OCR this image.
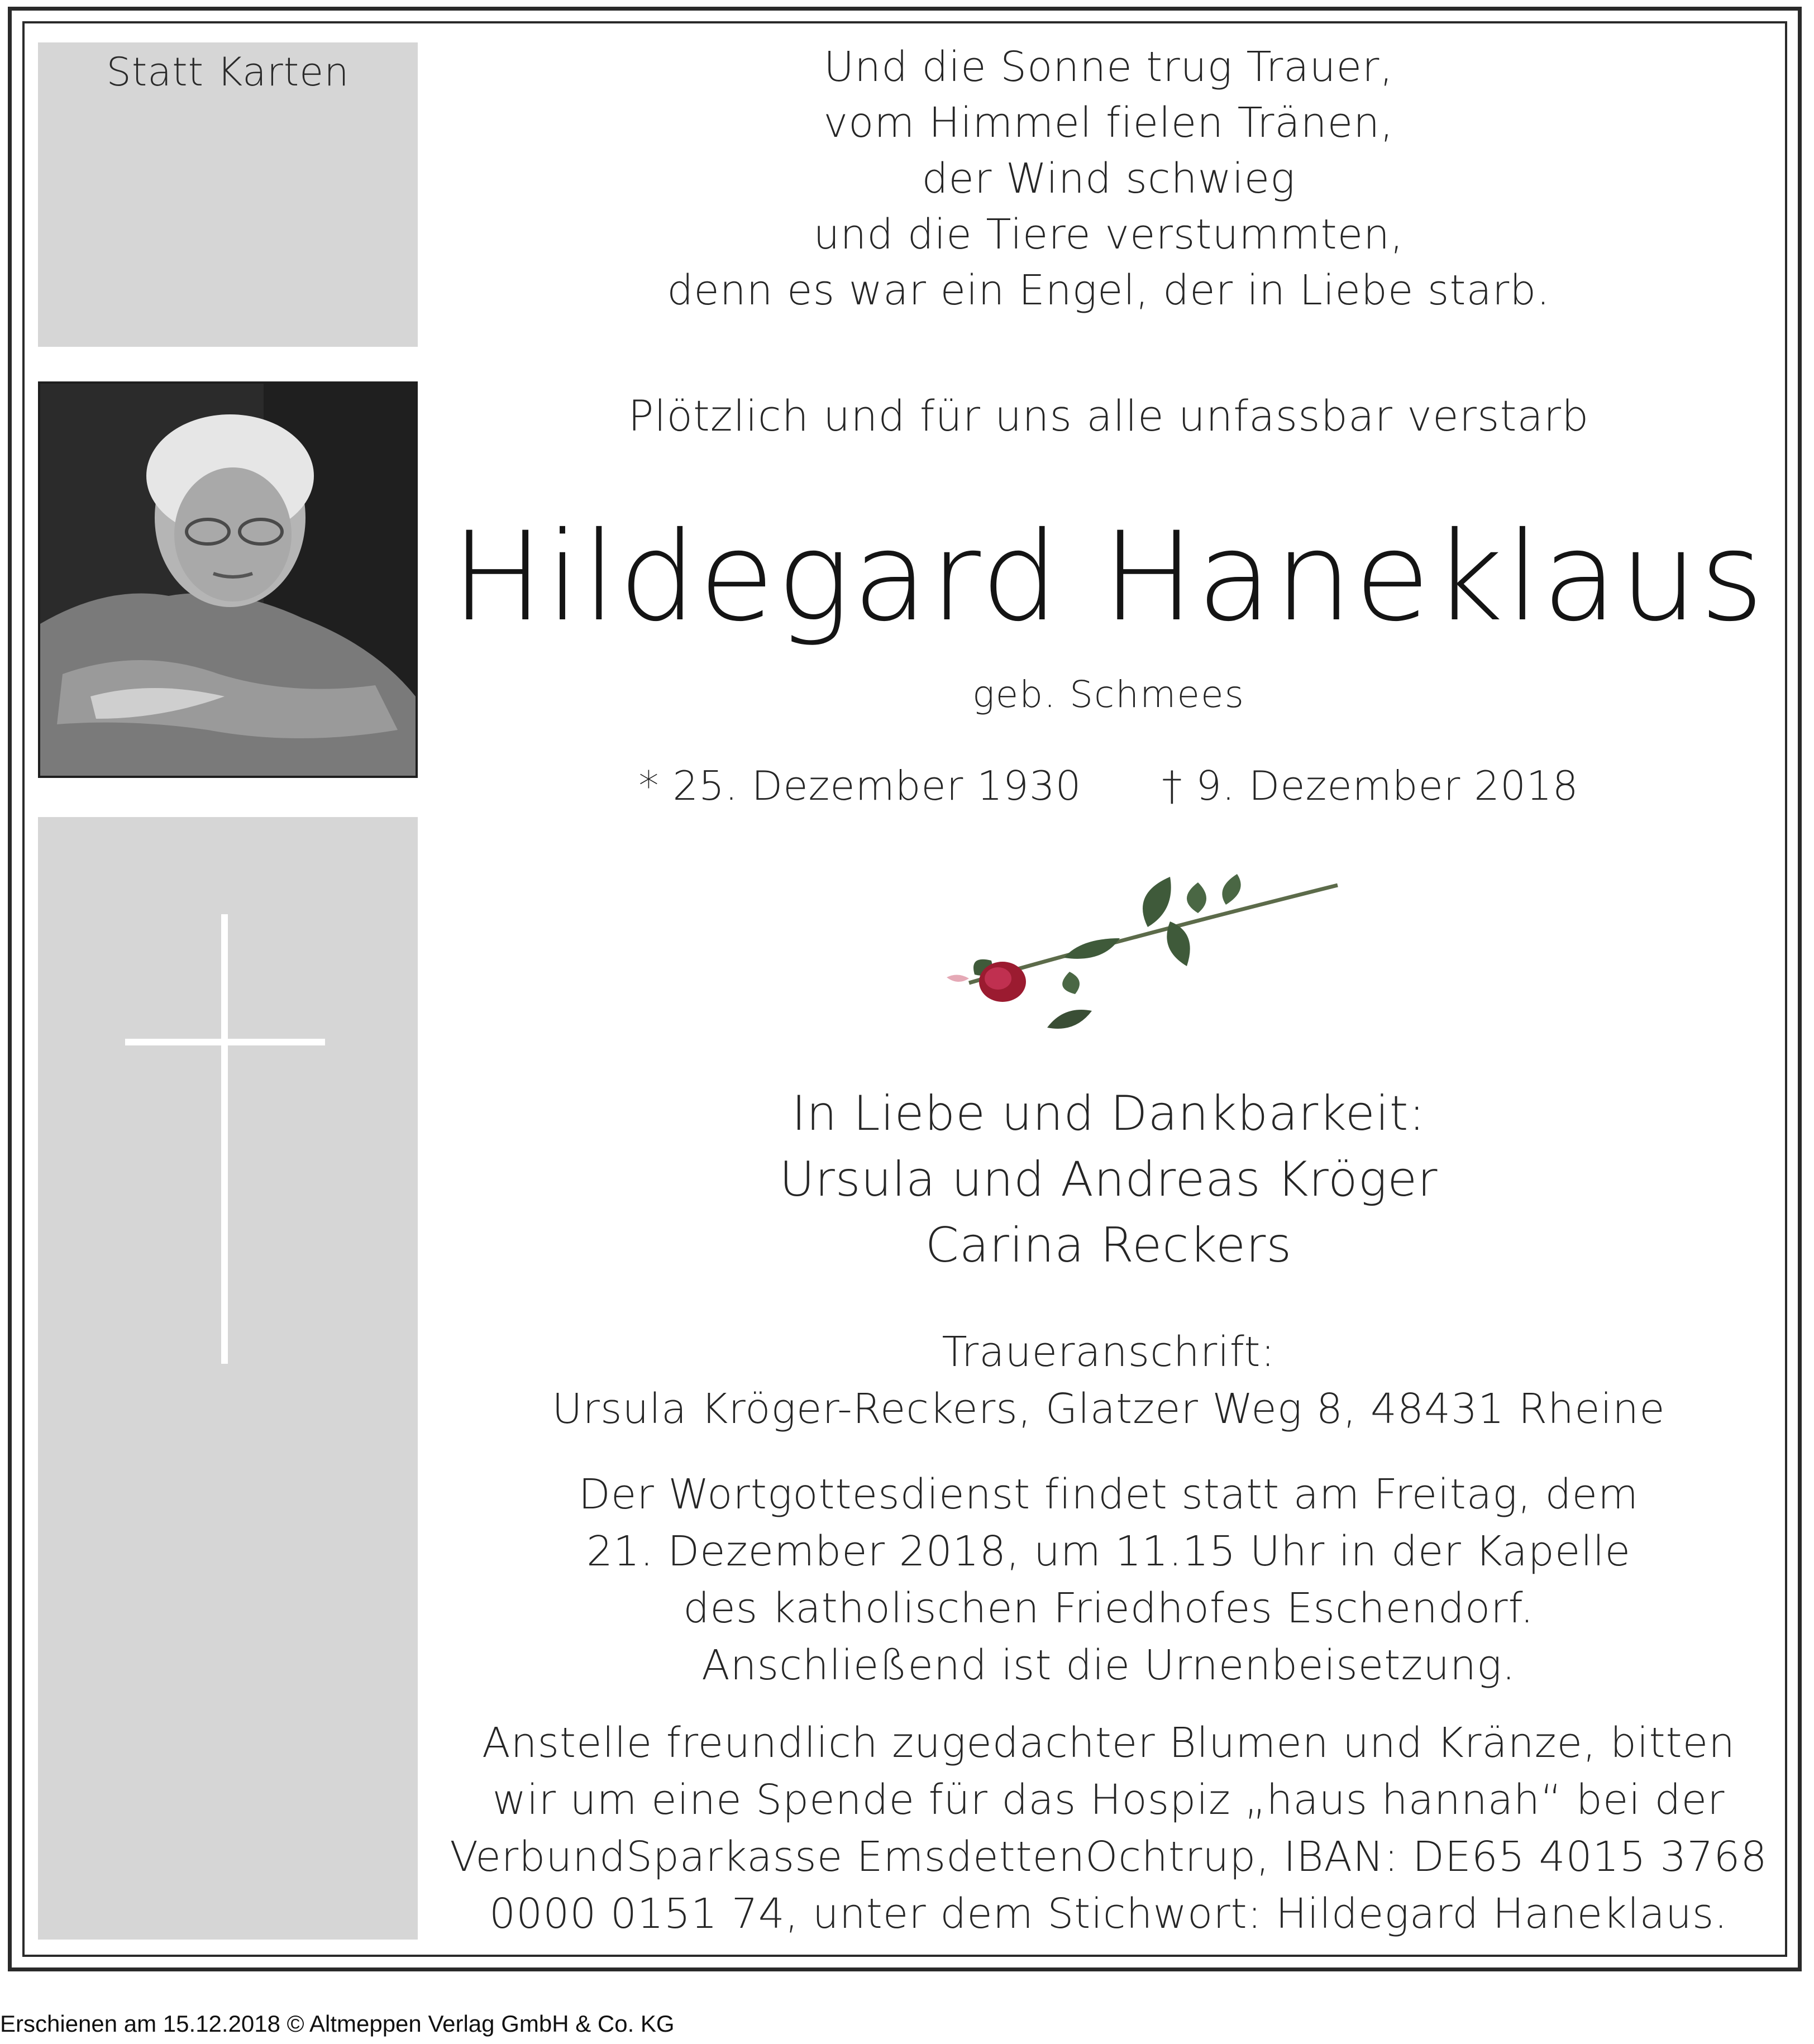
Statt Karten	Und die Sonne trug Trauer,
vom Himmel fielen Tränen,
der Wind schwieg
und die Tiere verstummten,
denn es war ein Engel, der in Liebe starb.
Plötzlich und für uns alle unfassbar verstarb
Hildegard Haneklaus
geb. Schmees
* 25. Dezember 1930 † 9. Dezember 2018
In Liebe und Dankbarkeit:
Ursula und Andreas Kröger
Carina Reckers
Traueranschrift:
Ursula Kröger-Reckers, Glatzer Weg 8, 48431 Rheine
Der Wortgottesdienst findet statt am Freitag, dem
21. Dezember 2018, um 11.15 Uhr in der Kapelle
des katholischen Friedhofes Eschendorf.
Anschließend ist die Urnenbeisetzung.
Anstelle freundlich zugedachter Blumen und Kränze, bitten
wir um eine Spende für das Hospiz „haus hannah“ bei der
VerbundSparkasse EmsdettenOchtrup, IBAN: DE65 4015 3768
0000 0151 74, unter dem Stichwort: Hildegard Haneklaus.
Erschienen am 15.12.2018 © Altmeppen Verlag GmbH & Co. KG
